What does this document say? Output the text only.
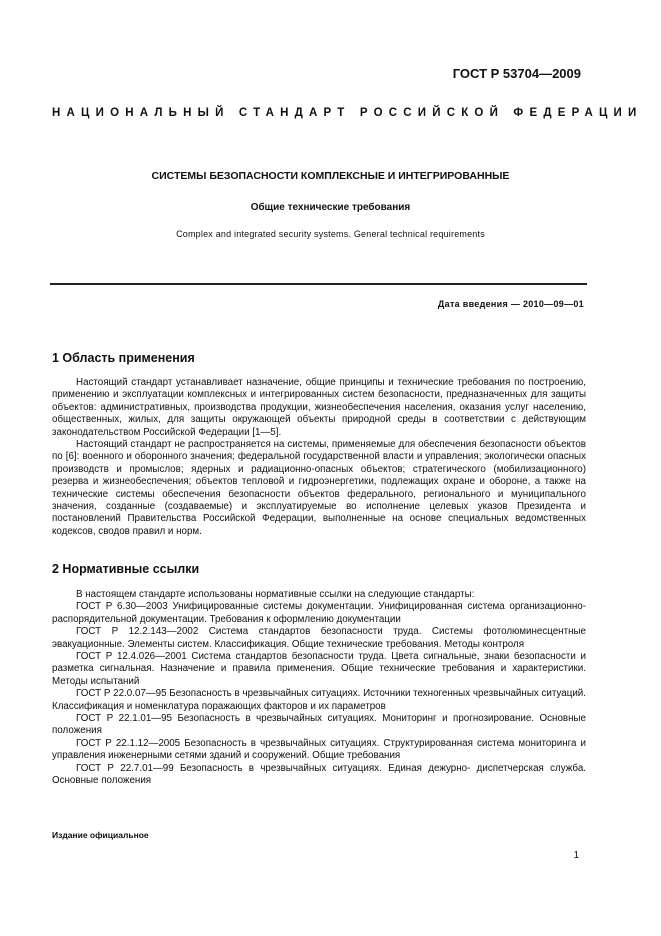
ГОСТ Р 53704—2009
НАЦИОНАЛЬНЫЙ СТАНДАРТ РОССИЙСКОЙ ФЕДЕРАЦИИ
СИСТЕМЫ БЕЗОПАСНОСТИ КОМПЛЕКСНЫЕ И ИНТЕГРИРОВАННЫЕ
Общие технические требования
Complex and integrated security systems. General technical requirements
Дата введения — 2010—09—01
1 Область применения

Настоящий стандарт устанавливает назначение, общие принципы и технические требования по построению, применению и эксплуатации комплексных и интегрированных систем безопасности, предназначенных для защиты объектов: административных, производства продукции, жизнеобеспечения населения, оказания услуг населению, общественных, жилых, для защиты окружающей объекты природной среды в соответствии с действующим законодательством Российской Федерации [1—5].

Настоящий стандарт не распространяется на системы, применяемые для обеспечения безопасности объектов по [6]: военного и оборонного значения; федеральной государственной власти и управления; экологически опасных производств и промыслов; ядерных и радиационно-опасных объектов; стратегического (мобилизационного) резерва и жизнеобеспечения; объектов тепловой и гидроэнергетики, подлежащих охране и обороне, а также на технические системы обеспечения безопасности объектов федерального, регионального и муниципального значения, созданные (создаваемые) и эксплуатируемые во исполнение целевых указов Президента и постановлений Правительства Российской Федерации, выполненные на основе специальных ведомственных кодексов, сводов правил и норм.

2 Нормативные ссылки

В настоящем стандарте использованы нормативные ссылки на следующие стандарты:

ГОСТ Р 6.30—2003 Унифицированные системы документации. Унифицированная система организационно-распорядительной документации. Требования к оформлению документации

ГОСТ Р 12.2.143—2002 Система стандартов безопасности труда. Системы фотолюминесцентные эвакуационные. Элементы систем. Классификация. Общие технические требования. Методы контроля

ГОСТ Р 12.4.026—2001 Система стандартов безопасности труда. Цвета сигнальные, знаки безопасности и разметка сигнальная. Назначение и правила применения. Общие технические требования и характеристики. Методы испытаний

ГОСТ Р 22.0.07—95 Безопасность в чрезвычайных ситуациях. Источники техногенных чрезвычайных ситуаций. Классификация и номенклатура поражающих факторов и их параметров

ГОСТ Р 22.1.01—95 Безопасность в чрезвычайных ситуациях. Мониторинг и прогнозирование. Основные положения

ГОСТ Р 22.1.12—2005 Безопасность в чрезвычайных ситуациях. Структурированная система мониторинга и управления инженерными сетями зданий и сооружений. Общие требования

ГОСТ Р 22.7.01—99 Безопасность в чрезвычайных ситуациях. Единая дежурно- диспетчерская служба. Основные положения

Издание официальное
1
